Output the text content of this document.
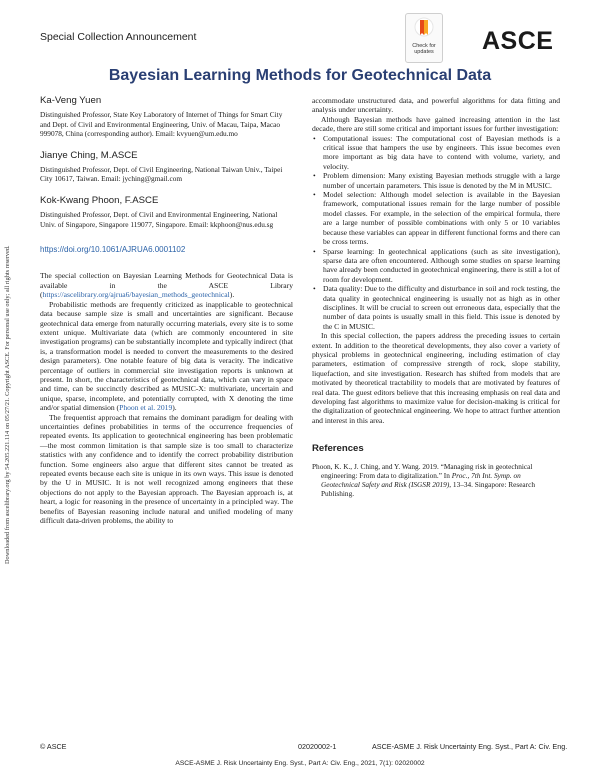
Downloaded from ascelibrary.org by 54.205.221.114 on 05/27/21. Copyright ASCE. For personal use only; all rights reserved.
Special Collection Announcement
Check for updates	ASCE
Bayesian Learning Methods for Geotechnical Data
Ka-Veng Yuen
Distinguished Professor, State Key Laboratory of Internet of Things for Smart City and Dept. of Civil and Environmental Engineering, Univ. of Macau, Taipa, Macao 999078, China (corresponding author). Email: kvyuen@um.edu.mo
Jianye Ching, M.ASCE
Distinguished Professor, Dept. of Civil Engineering, National Taiwan Univ., Taipei City 10617, Taiwan. Email: jyching@gmail.com
Kok-Kwang Phoon, F.ASCE
Distinguished Professor, Dept. of Civil and Environmental Engineering, National Univ. of Singapore, Singapore 119077, Singapore. Email: kkphoon@nus.edu.sg
https://doi.org/10.1061/AJRUA6.0001102

The special collection on Bayesian Learning Methods for Geotechnical Data is available in the ASCE Library (https://ascelibrary.org/ajrua6/bayesian_methods_geotechnical).

Probabilistic methods are frequently criticized as inapplicable to geotechnical data because sample size is small and uncertainties are significant. Because geotechnical data emerge from naturally occurring materials, every site is to some extent unique. Multivariate data (which are commonly encountered in site investigation programs) can be substantially incomplete and typically indirect (that is, a transformation model is needed to convert the measurements to the desired design parameters). One notable feature of big data is veracity. The indicative percentage of outliers in commercial site investigation reports is unknown at present. In short, the characteristics of geotechnical data, which can vary in space and time, can be succinctly described as MUSIC-X: multivariate, uncertain and unique, sparse, incomplete, and potentially corrupted, with X denoting the time and/or spatial dimension (Phoon et al. 2019).

The frequentist approach that remains the dominant paradigm for dealing with uncertainties defines probabilities in terms of the occurrence frequencies of repeated events. Its application to geotechnical engineering has been problematic—the most common limitation is that sample size is too small to characterize statistics with any confidence and to identify the correct probability distribution function. Some engineers also argue that different sites cannot be treated as repeated events because each site is unique in its own ways. This issue is denoted by the U in MUSIC. It is not well recognized among engineers that these objections do not apply to the Bayesian approach. The Bayesian approach is, at heart, a logic for reasoning in the presence of uncertainty in a principled way. The benefits of Bayesian reasoning include natural and unified modeling of many difficult data-driven problems, the ability to

accommodate unstructured data, and powerful algorithms for data fitting and analysis under uncertainty.

Although Bayesian methods have gained increasing attention in the last decade, there are still some critical and important issues for further investigation:

• Computational issues: The computational cost of Bayesian methods is a critical issue that hampers the use by engineers. This issue becomes even more important as big data have to contend with volume, variety, and velocity.
• Problem dimension: Many existing Bayesian methods struggle with a large number of uncertain parameters. This issue is denoted by the M in MUSIC.
• Model selection: Although model selection is available in the Bayesian framework, computational issues remain for the large number of possible model classes. For example, in the selection of the empirical formula, there are a large number of possible combinations with only 5 or 10 variables because these variables can appear in different functional forms and there can be cross terms.
• Sparse learning: In geotechnical applications (such as site investigation), sparse data are often encountered. Although some studies on sparse learning have already been conducted in geotechnical engineering, there is still a lot of room for development.
• Data quality: Due to the difficulty and disturbance in soil and rock testing, the data quality in geotechnical engineering is usually not as high as in other disciplines. It will be crucial to screen out erroneous data, especially that the number of data points is usually small in this field. This issue is denoted by the C in MUSIC.

In this special collection, the papers address the preceding issues to certain extent. In addition to the theoretical developments, they also cover a variety of physical problems in geotechnical engineering, including estimation of clay parameters, estimation of compressive strength of rock, slope stability, liquefaction, and site investigation. Research has shifted from models that are motivated by theoretical tractability to models that are motivated by features of real data. The guest editors believe that this increasing emphasis on real data and developing fast algorithms to maximize value for decision-making is critical for the digitalization of geotechnical engineering. We hope to attract further attention and interest in this area.

References

Phoon, K. K., J. Ching, and Y. Wang. 2019. “Managing risk in geotechnical engineering: From data to digitalization.” In Proc., 7th Int. Symp. on Geotechnical Safety and Risk (ISGSR 2019), 13–34. Singapore: Research Publishing.

© ASCE	02020002-1	ASCE-ASME J. Risk Uncertainty Eng. Syst., Part A: Civ. Eng.
ASCE-ASME J. Risk Uncertainty Eng. Syst., Part A: Civ. Eng., 2021, 7(1): 02020002
